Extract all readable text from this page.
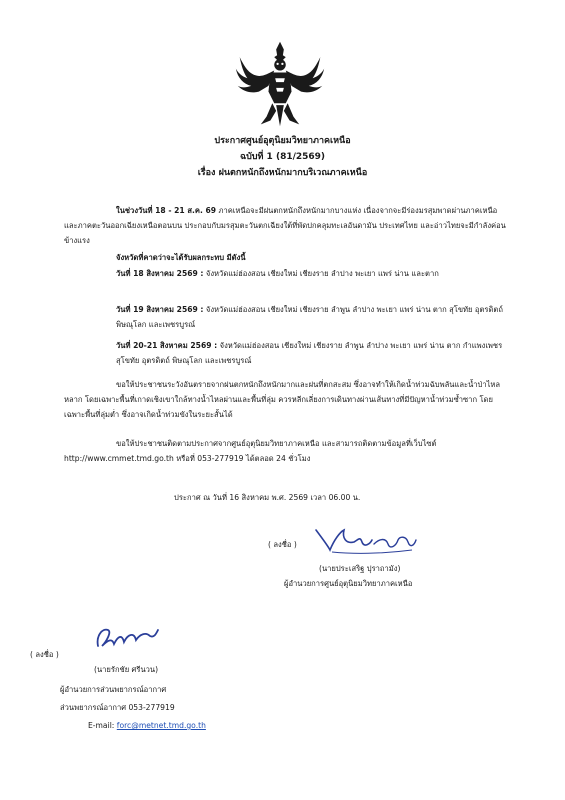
ประกาศศูนย์อุตุนิยมวิทยาภาคเหนือ
ฉบับที่ 1 (81/2569)
เรื่อง ฝนตกหนักถึงหนักมากบริเวณภาคเหนือ
ในช่วงวันที่ 18 - 21 ส.ค. 69 ภาคเหนือจะมีฝนตกหนักถึงหนักมากบางแห่ง เนื่องจากจะมีร่องมรสุมพาดผ่านภาคเหนือและภาคตะวันออกเฉียงเหนือตอนบน ประกอบกับมรสุมตะวันตกเฉียงใต้ที่พัดปกคลุมทะเลอันดามัน ประเทศไทย และอ่าวไทยจะมีกำลังค่อนข้างแรง
จังหวัดที่คาดว่าจะได้รับผลกระทบ มีดังนี้
วันที่ 18 สิงหาคม 2569 : จังหวัดแม่ฮ่องสอน เชียงใหม่ เชียงราย ลำปาง พะเยา แพร่ น่าน และตาก
วันที่ 19 สิงหาคม 2569 : จังหวัดแม่ฮ่องสอน เชียงใหม่ เชียงราย ลำพูน ลำปาง พะเยา แพร่ น่าน ตาก สุโขทัย อุตรดิตถ์ พิษณุโลก และเพชรบูรณ์
วันที่ 20-21 สิงหาคม 2569 : จังหวัดแม่ฮ่องสอน เชียงใหม่ เชียงราย ลำพูน ลำปาง พะเยา แพร่ น่าน ตาก กำแพงเพชร สุโขทัย อุตรดิตถ์ พิษณุโลก และเพชรบูรณ์
ขอให้ประชาชนระวังอันตรายจากฝนตกหนักถึงหนักมากและฝนที่ตกสะสม ซึ่งอาจทำให้เกิดน้ำท่วมฉับพลันและน้ำป่าไหลหลาก โดยเฉพาะพื้นที่เกาดเชิงเขาใกล้ทางน้ำไหลผ่านและพื้นที่ลุ่ม ควรหลีกเลี่ยงการเดินทางผ่านเส้นทางที่มีปัญหาน้ำท่วมซ้ำซาก โดยเฉพาะพื้นที่ลุ่มต่ำ ซึ่งอาจเกิดน้ำท่วมขังในระยะสั้นได้
ขอให้ประชาชนติดตามประกาศจากศูนย์อุตุนิยมวิทยาภาคเหนือ และสามารถติดตามข้อมูลที่เว็บไซต์ http://www.cmmet.tmd.go.th หรือที่ 053-277919 ได้ตลอด 24 ชั่วโมง
ประกาศ ณ วันที่ 16 สิงหาคม พ.ศ. 2569 เวลา 06.00 น.
( ลงชื่อ )
(นายประเสริฐ ปุราถามัง)
ผู้อำนวยการศูนย์อุตุนิยมวิทยาภาคเหนือ
( ลงชื่อ )
(นายรักชัย ศรีนวน)
ผู้อำนวยการส่วนพยากรณ์อากาศ
ส่วนพยากรณ์อากาศ 053-277919
E-mail: forc@metnet.tmd.go.th
